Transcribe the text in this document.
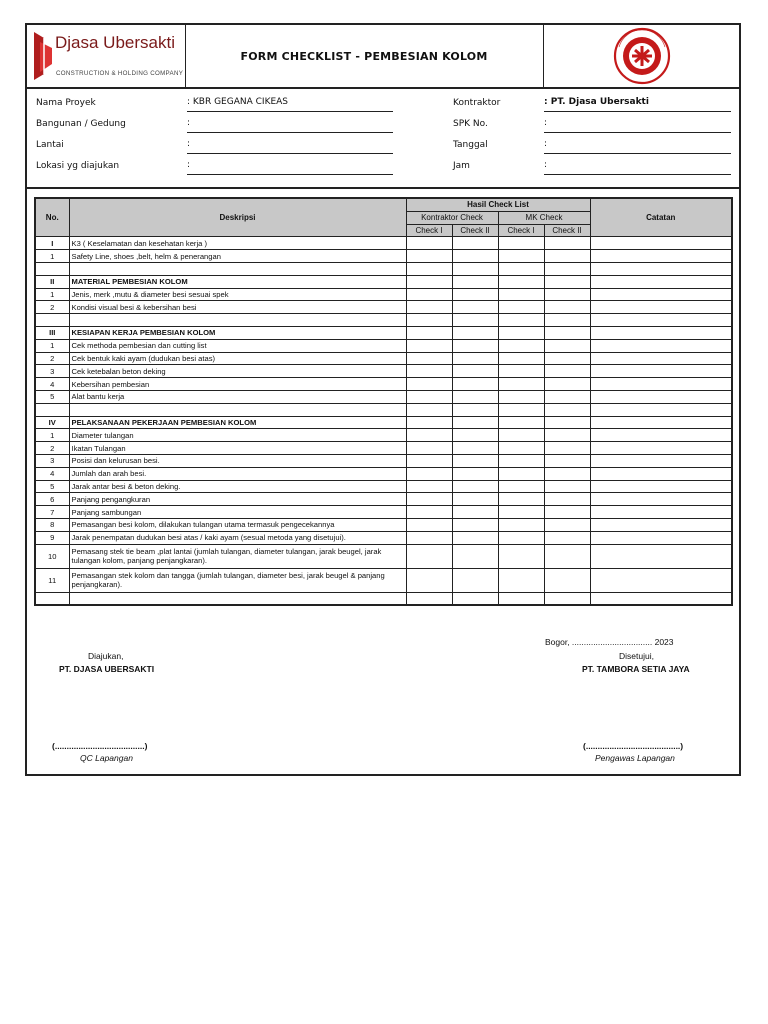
Djasa Ubersakti
CONSTRUCTION & HOLDING COMPANY
FORM CHECKLIST - PEMBESIAN KOLOM
Nama Proyek	: KBR GEGANA CIKEAS
Bangunan / Gedung	:
Lantai	:
Lokasi yg diajukan	:
Kontraktor	: PT. Djasa Ubersakti
SPK No.	:
Tanggal	:
Jam	:
No.	Deskripsi	Hasil Check List				Catatan
		Kontraktor Check		MK Check		
		Check I	Check II	Check I	Check II	
I	K3 ( Keselamatan dan kesehatan kerja )					
1	Safety Line, shoes ,belt, helm & penerangan					

II	MATERIAL PEMBESIAN KOLOM					
1	Jenis, merk ,mutu & diameter besi sesuai spek					
2	Kondisi visual besi & kebersihan besi					

III	KESIAPAN KERJA PEMBESIAN KOLOM					
1	Cek methoda pembesian dan cutting list					
2	Cek bentuk kaki ayam (dudukan besi atas)					
3	Cek ketebalan beton deking					
4	Kebersihan pembesian					
5	Alat bantu kerja					

IV	PELAKSANAAN PEKERJAAN PEMBESIAN KOLOM					
1	Diameter tulangan					
2	Ikatan Tulangan					
3	Posisi dan kelurusan besi.					
4	Jumlah dan arah besi.					
5	Jarak antar besi & beton deking.					
6	Panjang pengangkuran					
7	Panjang sambungan					
8	Pemasangan besi kolom, dilakukan tulangan utama termasuk pengecekannya					
9	Jarak penempatan dudukan besi atas / kaki ayam (sesual metoda yang disetujui).					
10	Pemasang stek tie beam ,plat lantai (jumlah tulangan, diameter tulangan, jarak beugel, jarak tulangan kolom, panjang penjangkaran).					
11	Pemasangan stek kolom dan tangga (jumlah tulangan, diameter besi, jarak beugel & panjang penjangkaran).					

Bogor, .................................. 2023
Diajukan,
PT. DJASA UBERSAKTI
Disetujui,
PT. TAMBORA SETIA JAYA
(......................................)
QC Lapangan
(........................................)
Pengawas Lapangan
